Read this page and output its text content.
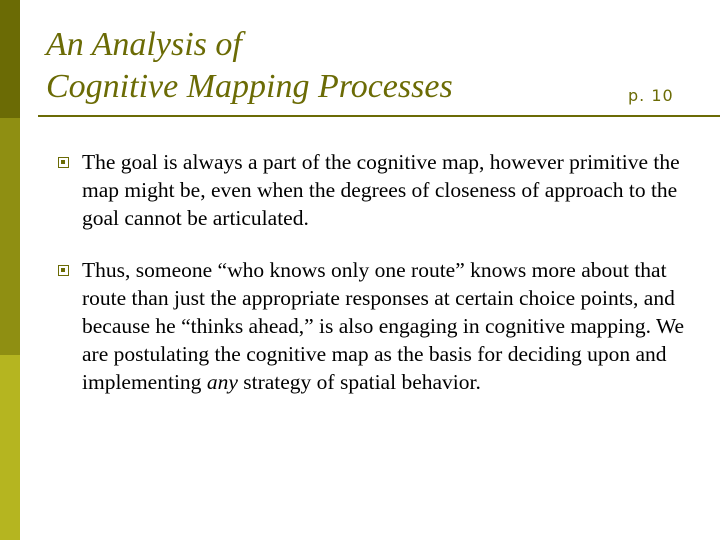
An Analysis of
Cognitive Mapping Processes	p. 10
The goal is always a part of the cognitive map, however primitive the map might be, even when the degrees of closeness of approach to the goal cannot be articulated.
Thus, someone “who knows only one route” knows more about that route than just the appropriate responses at certain choice points, and because he “thinks ahead,” is also engaging in cognitive mapping. We are postulating the cognitive map as the basis for deciding upon and implementing any strategy of spatial behavior.
